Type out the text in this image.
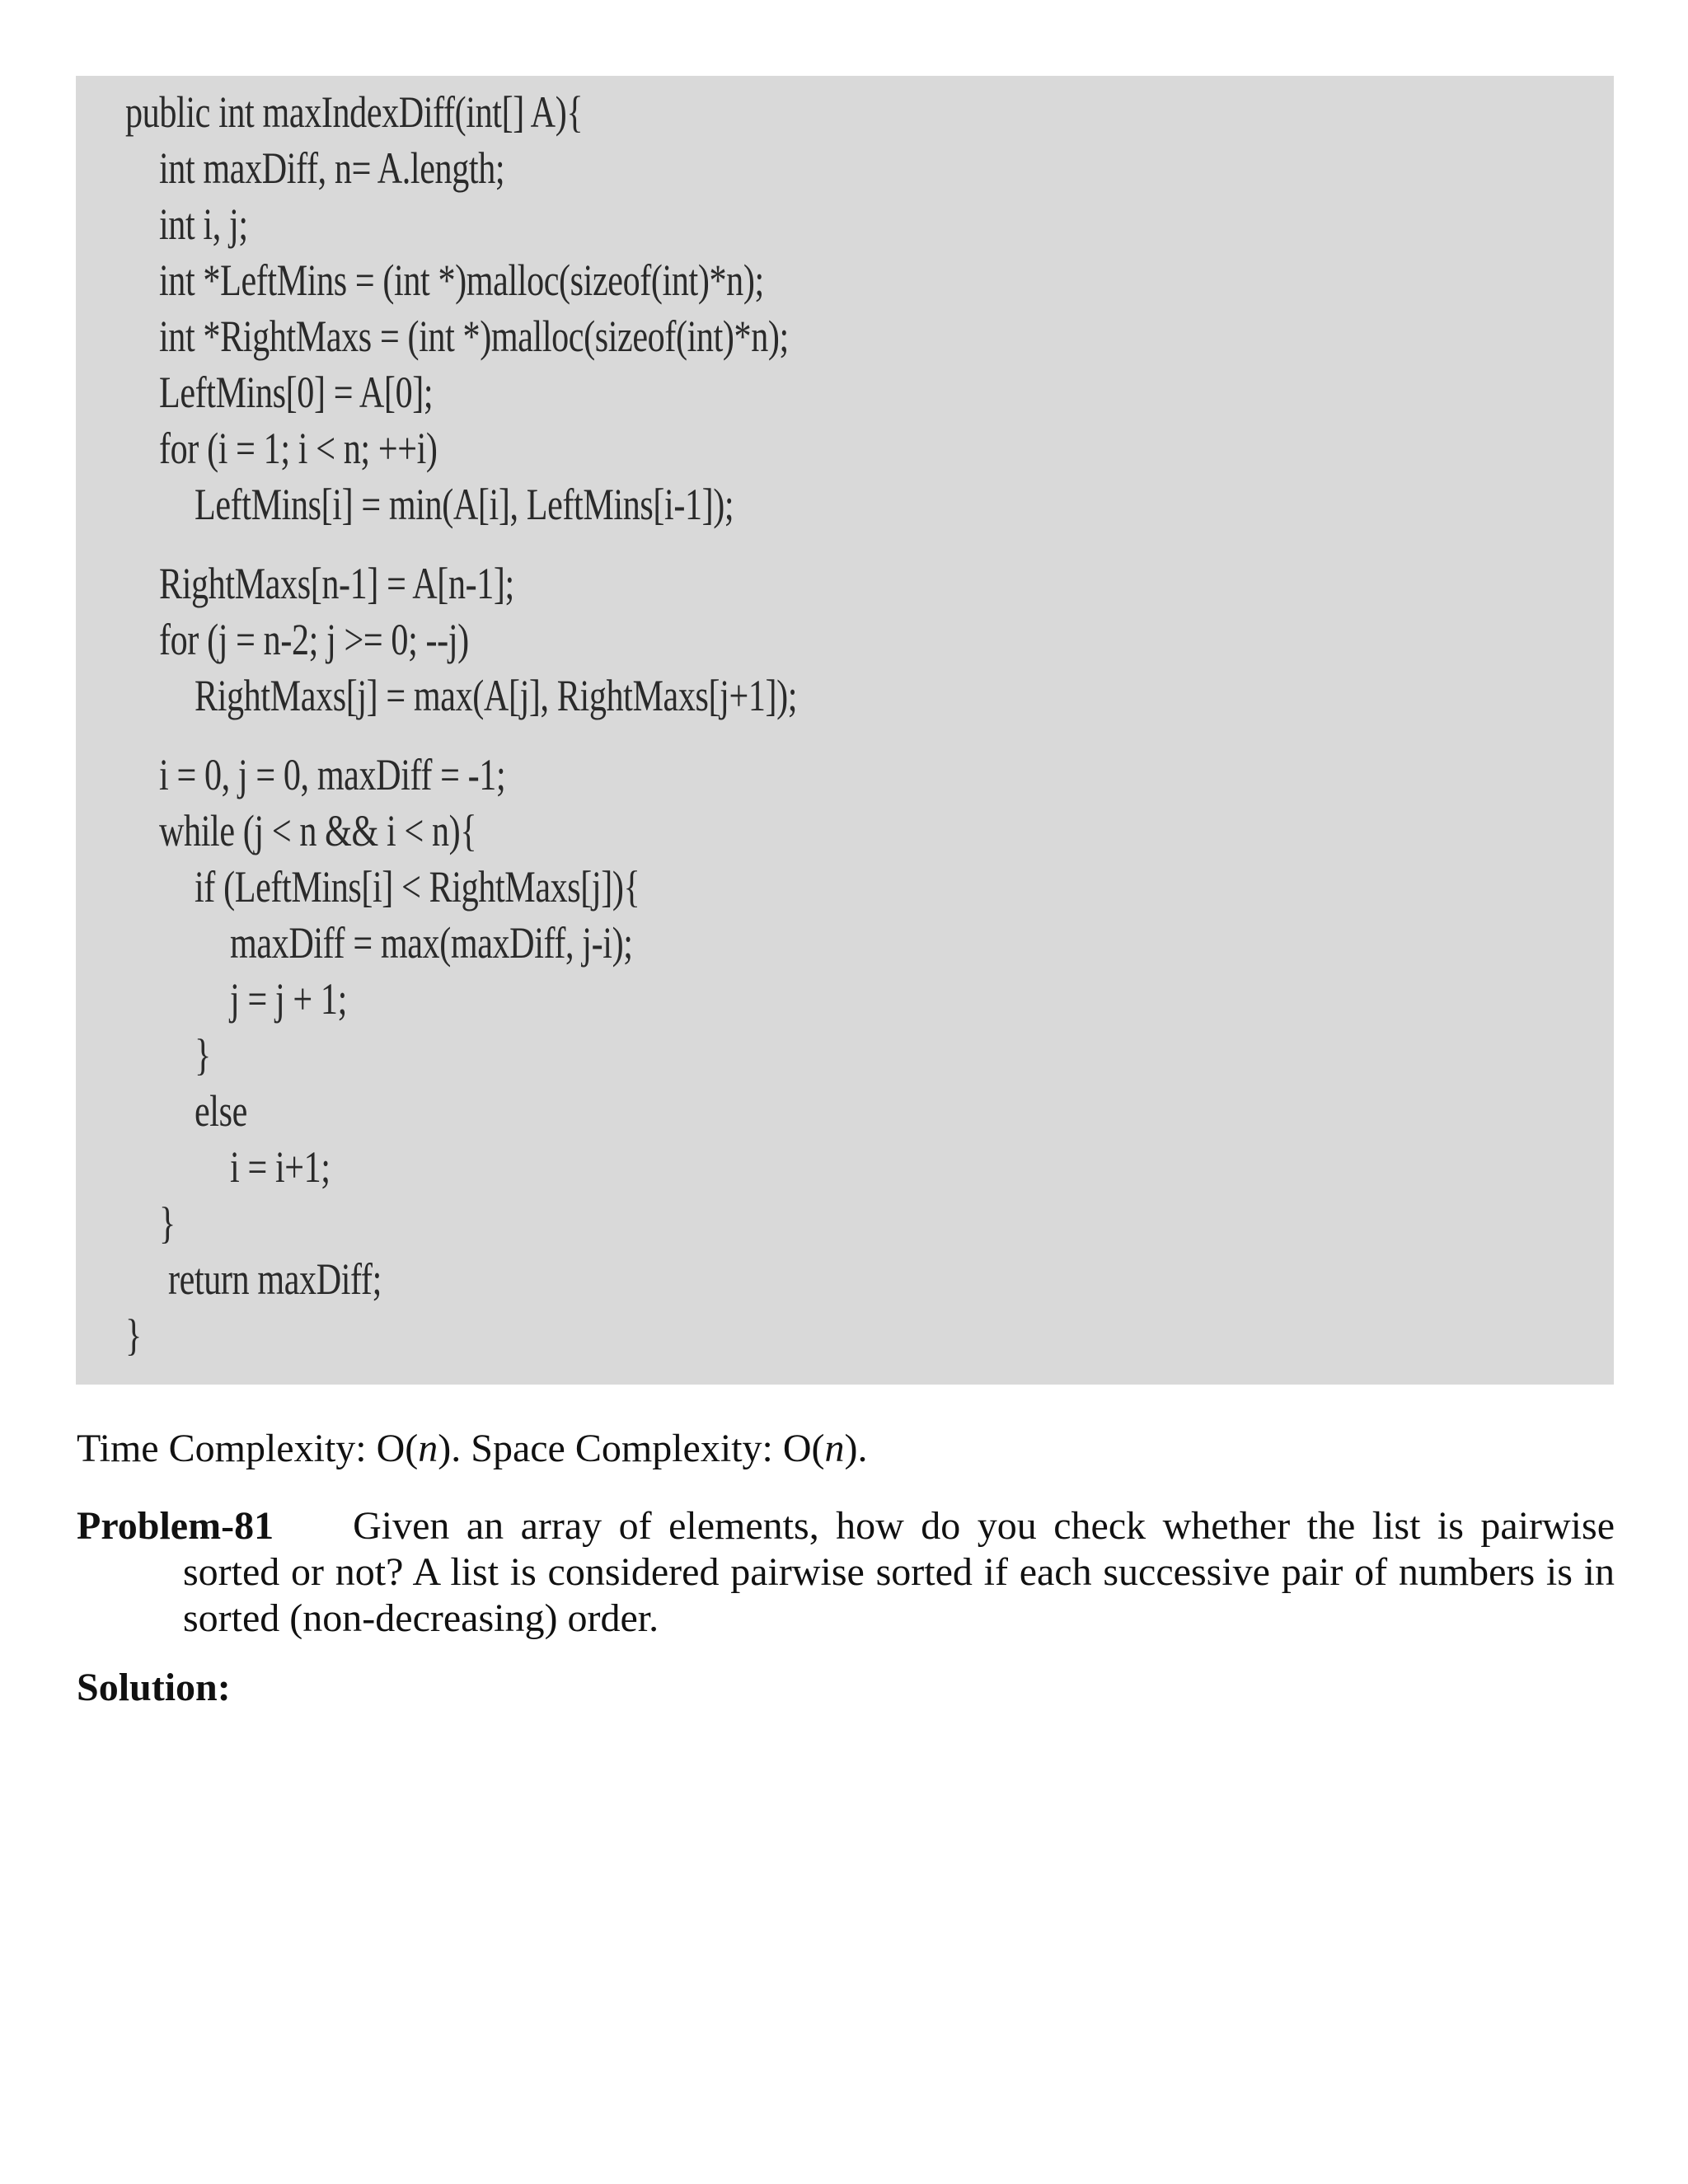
public int maxIndexDiff(int[] A){
int maxDiff, n= A.length;
int i, j;
int *LeftMins = (int *)malloc(sizeof(int)*n);
int *RightMaxs = (int *)malloc(sizeof(int)*n);
LeftMins[0] = A[0];
for (i = 1; i < n; ++i)
LeftMins[i] = min(A[i], LeftMins[i-1]);
RightMaxs[n-1] = A[n-1];
for (j = n-2; j >= 0; --j)
RightMaxs[j] = max(A[j], RightMaxs[j+1]);
i = 0, j = 0, maxDiff = -1;
while (j < n && i < n){
if (LeftMins[i] < RightMaxs[j]){
maxDiff = max(maxDiff, j-i);
j = j + 1;
}
else
i = i+1;
}
return maxDiff;
}
Time Complexity: O(n). Space Complexity: O(n).
Problem-81 Given an array of elements, how do you check whether the list is pairwise
sorted or not? A list is considered pairwise sorted if each successive pair of numbers is in sorted (non-decreasing) order.
Solution:
